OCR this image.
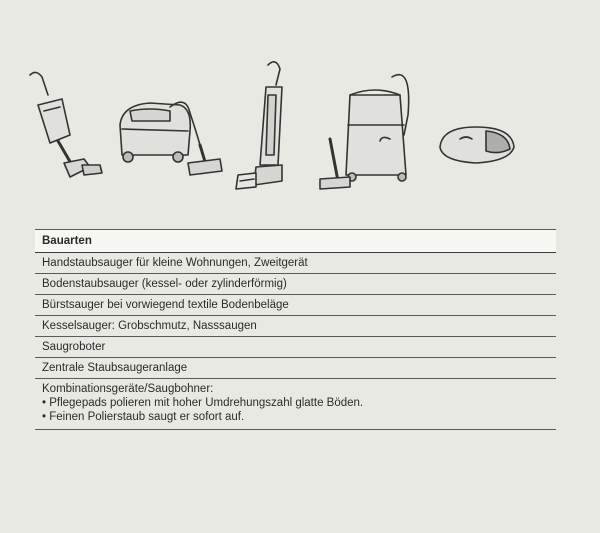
Bauarten
Handstaubsauger für kleine Wohnungen, Zweitgerät
Bodenstaubsauger (kessel- oder zylinderförmig)
Bürstsauger bei vorwiegend textile Bodenbeläge
Kesselsauger: Grobschmutz, Nasssaugen
Saugroboter
Zentrale Staubsaugeranlage
Kombinationsgeräte/Saugbohner:
• Pflegepads polieren mit hoher Umdrehungszahl glatte Böden.
• Feinen Polierstaub saugt er sofort auf.
